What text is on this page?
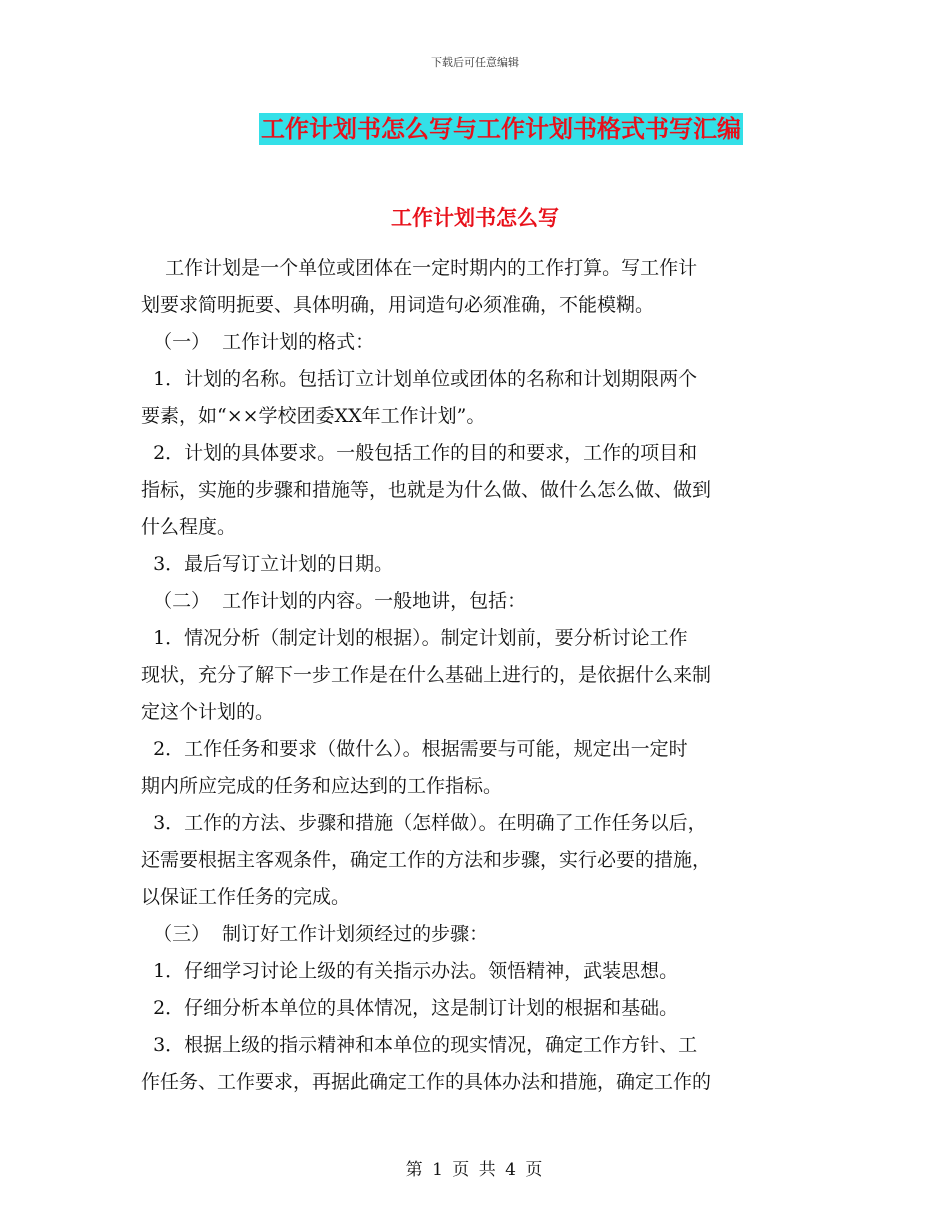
下载后可任意编辑
工作计划书怎么写与工作计划书格式书写汇编
工作计划书怎么写

工作计划是一个单位或团体在一定时期内的工作打算。写工作计

划要求简明扼要、具体明确，用词造句必须准确，不能模糊。

（一）  工作计划的格式：

1．计划的名称。包括订立计划单位或团体的名称和计划期限两个

要素，如“××学校团委XX年工作计划”。

2．计划的具体要求。一般包括工作的目的和要求，工作的项目和

指标，实施的步骤和措施等，也就是为什么做、做什么怎么做、做到

什么程度。

3．最后写订立计划的日期。

（二）  工作计划的内容。一般地讲，包括：

1．情况分析（制定计划的根据）。制定计划前，要分析讨论工作

现状，充分了解下一步工作是在什么基础上进行的，是依据什么来制

定这个计划的。

2．工作任务和要求（做什么）。根据需要与可能，规定出一定时

期内所应完成的任务和应达到的工作指标。

3．工作的方法、步骤和措施（怎样做）。在明确了工作任务以后，

还需要根据主客观条件，确定工作的方法和步骤，实行必要的措施，

以保证工作任务的完成。

（三）  制订好工作计划须经过的步骤：

1．仔细学习讨论上级的有关指示办法。领悟精神，武装思想。

2．仔细分析本单位的具体情况，这是制订计划的根据和基础。

3．根据上级的指示精神和本单位的现实情况，确定工作方针、工

作任务、工作要求，再据此确定工作的具体办法和措施，确定工作的

第 1 页 共 4 页
